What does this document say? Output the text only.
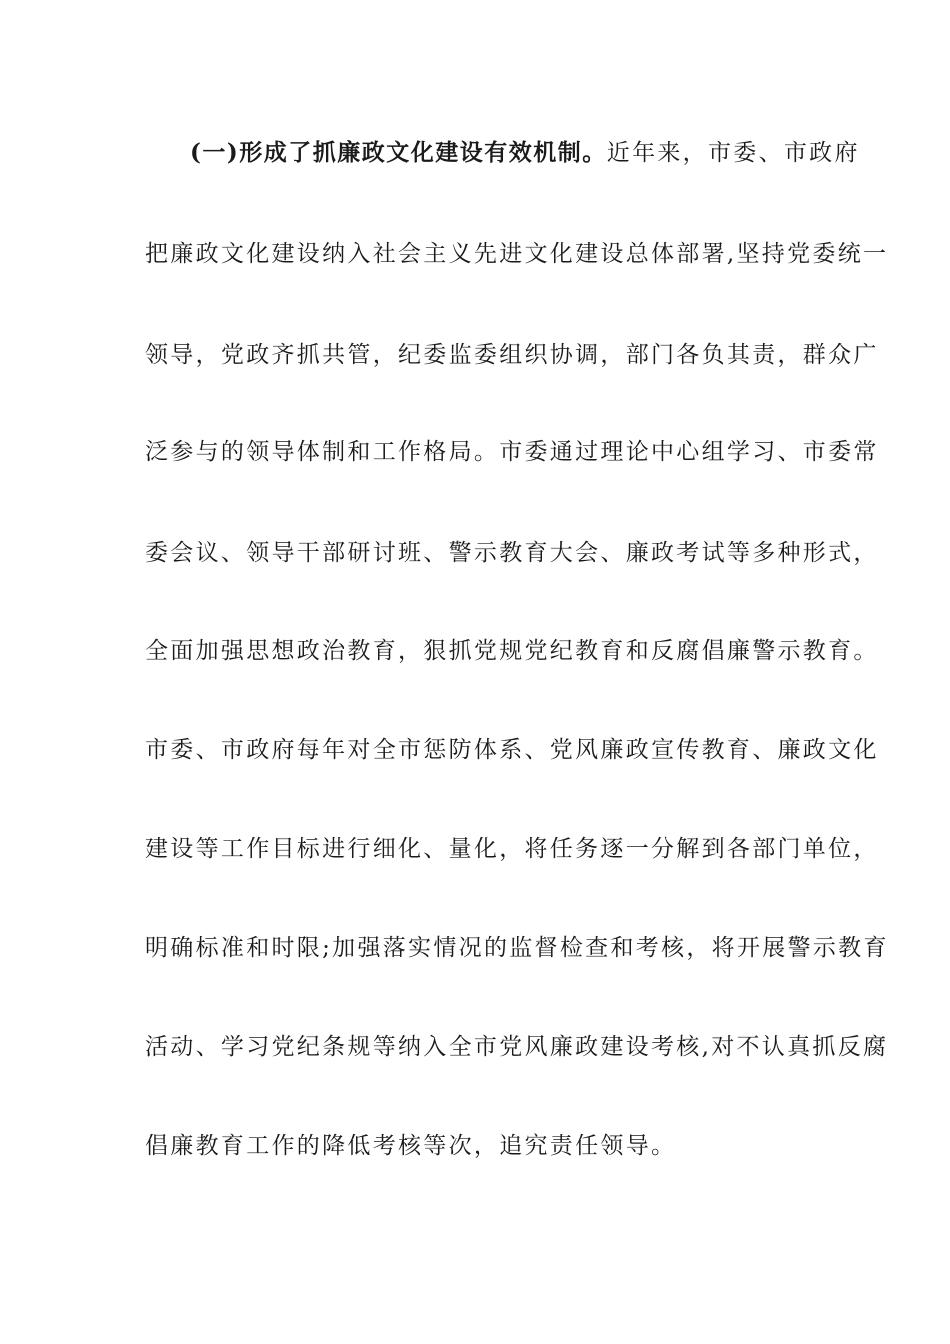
(一)形成了抓廉政文化建设有效机制。近年来，市委、市政府
把廉政文化建设纳入社会主义先进文化建设总体部署,坚持党委统一
领导，党政齐抓共管，纪委监委组织协调，部门各负其责，群众广
泛参与的领导体制和工作格局。市委通过理论中心组学习、市委常
委会议、领导干部研讨班、警示教育大会、廉政考试等多种形式，
全面加强思想政治教育，狠抓党规党纪教育和反腐倡廉警示教育。
市委、市政府每年对全市惩防体系、党风廉政宣传教育、廉政文化
建设等工作目标进行细化、量化，将任务逐一分解到各部门单位，
明确标准和时限;加强落实情况的监督检查和考核，将开展警示教育
活动、学习党纪条规等纳入全市党风廉政建设考核,对不认真抓反腐
倡廉教育工作的降低考核等次，追究责任领导。
